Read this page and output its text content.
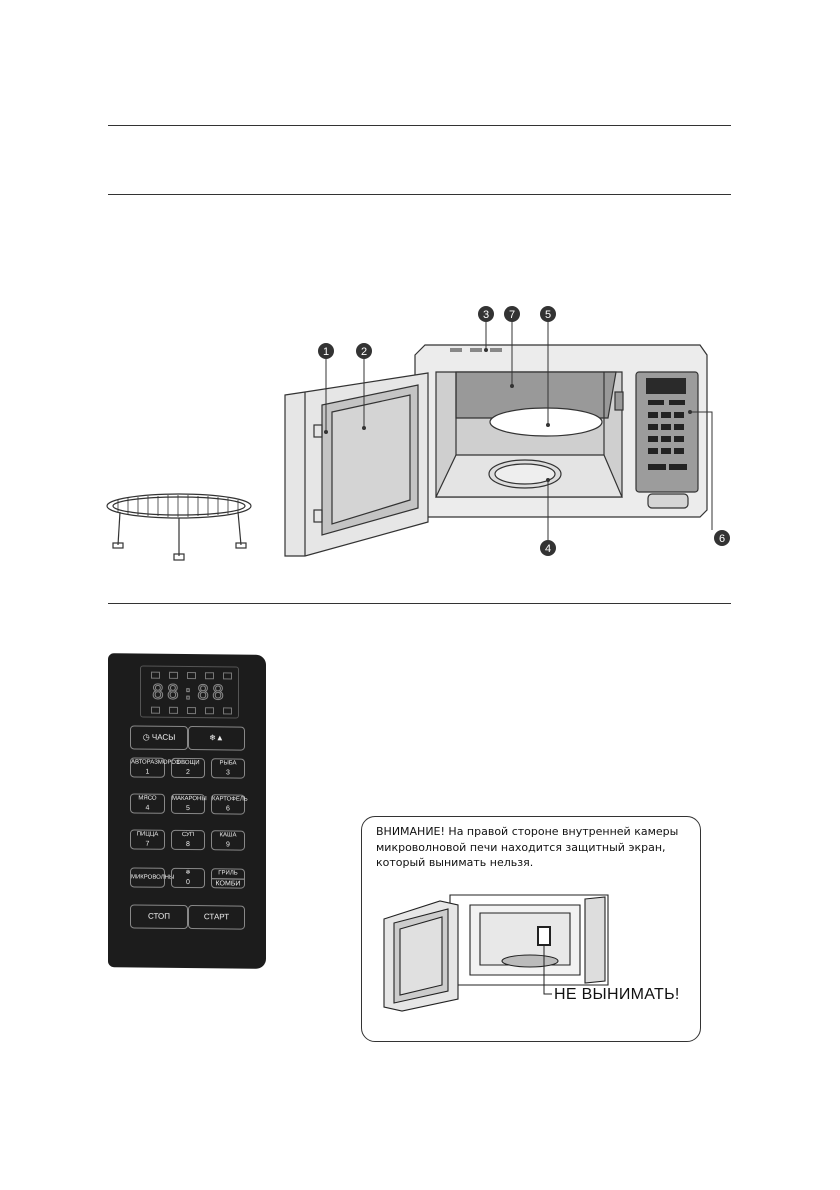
1	2
3 7	5
4
6
88:88
◷ ЧАСЫ	❄▲
АВТОРАЗМОРОЗ
1
ОВОЩИ
2
РЫБА
3
МЯСО
4
МАКАРОНЫ
5
КАРТОФЕЛЬ
6
ПИЦЦА
7
СУП
8
КАША
9
МИКРОВОЛНЫ
❄
0
ГРИЛЬ
КОМБИ
СТОП	СТАРТ
ВНИМАНИЕ! На правой стороне внутренней камеры микроволновой печи находится защитный экран, который вынимать нельзя.
НЕ ВЫНИМАТЬ!
